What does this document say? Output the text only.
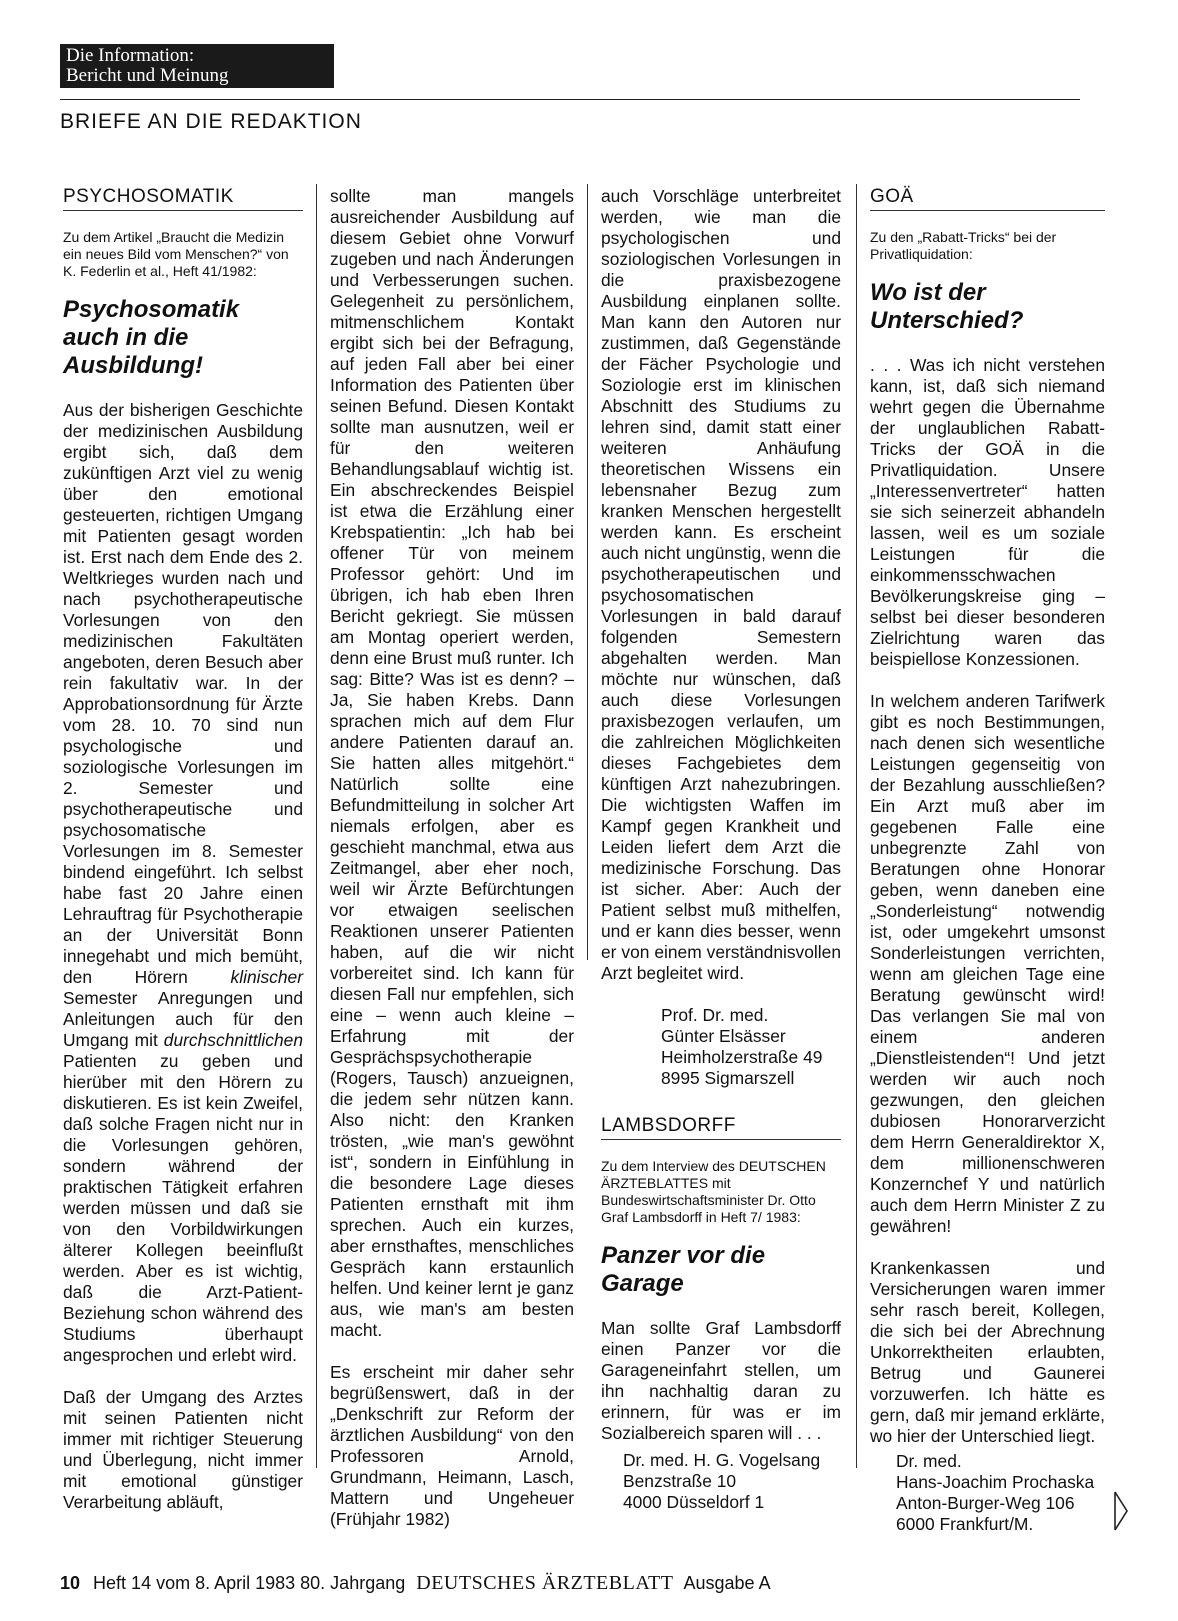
Die Information:
Bericht und Meinung
BRIEFE AN DIE REDAKTION
PSYCHOSOMATIK
Zu dem Artikel „Braucht die Medizin ein neues Bild vom Menschen?“ von K. Federlin et al., Heft 41/1982:
Psychosomatik auch in die Ausbildung!

Aus der bisherigen Geschichte der medizinischen Ausbildung ergibt sich, daß dem zukünftigen Arzt viel zu wenig über den emotional gesteuerten, richtigen Umgang mit Patienten gesagt worden ist. Erst nach dem Ende des 2. Weltkrieges wurden nach und nach psychotherapeutische Vorlesungen von den medizinischen Fakultäten angeboten, deren Besuch aber rein fakultativ war. In der Approbationsordnung für Ärzte vom 28. 10. 70 sind nun psychologische und soziologische Vorlesungen im 2. Semester und psychotherapeutische und psychosomatische Vorlesungen im 8. Semester bindend eingeführt. Ich selbst habe fast 20 Jahre einen Lehrauftrag für Psychotherapie an der Universität Bonn innegehabt und mich bemüht, den Hörern klinischer Semester Anregungen und Anleitungen auch für den Umgang mit durchschnittlichen Patienten zu geben und hierüber mit den Hörern zu diskutieren. Es ist kein Zweifel, daß solche Fragen nicht nur in die Vorlesungen gehören, sondern während der praktischen Tätigkeit erfahren werden müssen und daß sie von den Vorbildwirkungen älterer Kollegen beeinflußt werden. Aber es ist wichtig, daß die Arzt-Patient-Beziehung schon während des Studiums überhaupt angesprochen und erlebt wird.

Daß der Umgang des Arztes mit seinen Patienten nicht immer mit richtiger Steuerung und Überlegung, nicht immer mit emotional günstiger Verarbeitung abläuft,

sollte man mangels ausreichender Ausbildung auf diesem Gebiet ohne Vorwurf zugeben und nach Änderungen und Verbesserungen suchen. Gelegenheit zu persönlichem, mitmenschlichem Kontakt ergibt sich bei der Befragung, auf jeden Fall aber bei einer Information des Patienten über seinen Befund. Diesen Kontakt sollte man ausnutzen, weil er für den weiteren Behandlungsablauf wichtig ist. Ein abschreckendes Beispiel ist etwa die Erzählung einer Krebspatientin: „Ich hab bei offener Tür von meinem Professor gehört: Und im übrigen, ich hab eben Ihren Bericht gekriegt. Sie müssen am Montag operiert werden, denn eine Brust muß runter. Ich sag: Bitte? Was ist es denn? – Ja, Sie haben Krebs. Dann sprachen mich auf dem Flur andere Patienten darauf an. Sie hatten alles mitgehört.“ Natürlich sollte eine Befundmitteilung in solcher Art niemals erfolgen, aber es geschieht manchmal, etwa aus Zeitmangel, aber eher noch, weil wir Ärzte Befürchtungen vor etwaigen seelischen Reaktionen unserer Patienten haben, auf die wir nicht vorbereitet sind. Ich kann für diesen Fall nur empfehlen, sich eine – wenn auch kleine – Erfahrung mit der Gesprächspsychotherapie (Rogers, Tausch) anzueignen, die jedem sehr nützen kann. Also nicht: den Kranken trösten, „wie man's gewöhnt ist“, sondern in Einfühlung in die besondere Lage dieses Patienten ernsthaft mit ihm sprechen. Auch ein kurzes, aber ernsthaftes, menschliches Gespräch kann erstaunlich helfen. Und keiner lernt je ganz aus, wie man's am besten macht.

Es erscheint mir daher sehr begrüßenswert, daß in der „Denkschrift zur Reform der ärztlichen Ausbildung“ von den Professoren Arnold, Grundmann, Heimann, Lasch, Mattern und Ungeheuer (Frühjahr 1982)

auch Vorschläge unterbreitet werden, wie man die psychologischen und soziologischen Vorlesungen in die praxisbezogene Ausbildung einplanen sollte. Man kann den Autoren nur zustimmen, daß Gegenstände der Fächer Psychologie und Soziologie erst im klinischen Abschnitt des Studiums zu lehren sind, damit statt einer weiteren Anhäufung theoretischen Wissens ein lebensnaher Bezug zum kranken Menschen hergestellt werden kann. Es erscheint auch nicht ungünstig, wenn die psychotherapeutischen und psychosomatischen Vorlesungen in bald darauf folgenden Semestern abgehalten werden. Man möchte nur wünschen, daß auch diese Vorlesungen praxisbezogen verlaufen, um die zahlreichen Möglichkeiten dieses Fachgebietes dem künftigen Arzt nahezubringen. Die wichtigsten Waffen im Kampf gegen Krankheit und Leiden liefert dem Arzt die medizinische Forschung. Das ist sicher. Aber: Auch der Patient selbst muß mithelfen, und er kann dies besser, wenn er von einem verständnisvollen Arzt begleitet wird.

Prof. Dr. med.
Günter Elsässer
Heimholzerstraße 49
8995 Sigmarszell
LAMBSDORFF
Zu dem Interview des DEUTSCHEN ÄRZTEBLATTES mit Bundeswirtschaftsminister Dr. Otto Graf Lambsdorff in Heft 7/ 1983:
Panzer vor die Garage

Man sollte Graf Lambsdorff einen Panzer vor die Garageneinfahrt stellen, um ihn nachhaltig daran zu erinnern, für was er im Sozialbereich sparen will . . .

Dr. med. H. G. Vogelsang
Benzstraße 10
4000 Düsseldorf 1
GOÄ
Zu den „Rabatt-Tricks“ bei der Privatliquidation:
Wo ist der Unterschied?

. . . Was ich nicht verstehen kann, ist, daß sich niemand wehrt gegen die Übernahme der unglaublichen Rabatt-Tricks der GOÄ in die Privatliquidation. Unsere „Interessenvertreter“ hatten sie sich seinerzeit abhandeln lassen, weil es um soziale Leistungen für die einkommensschwachen Bevölkerungskreise ging – selbst bei dieser besonderen Zielrichtung waren das beispiellose Konzessionen.

In welchem anderen Tarifwerk gibt es noch Bestimmungen, nach denen sich wesentliche Leistungen gegenseitig von der Bezahlung ausschließen? Ein Arzt muß aber im gegebenen Falle eine unbegrenzte Zahl von Beratungen ohne Honorar geben, wenn daneben eine „Sonderleistung“ notwendig ist, oder umgekehrt umsonst Sonderleistungen verrichten, wenn am gleichen Tage eine Beratung gewünscht wird! Das verlangen Sie mal von einem anderen „Dienstleistenden“! Und jetzt werden wir auch noch gezwungen, den gleichen dubiosen Honorarverzicht dem Herrn Generaldirektor X, dem millionenschweren Konzernchef Y und natürlich auch dem Herrn Minister Z zu gewähren!

Krankenkassen und Versicherungen waren immer sehr rasch bereit, Kollegen, die sich bei der Abrechnung Unkorrektheiten erlaubten, Betrug und Gaunerei vorzuwerfen. Ich hätte es gern, daß mir jemand erklärte, wo hier der Unterschied liegt.

Dr. med.
Hans-Joachim Prochaska
Anton-Burger-Weg 106
6000 Frankfurt/M.
10 Heft 14 vom 8. April 1983 80. Jahrgang DEUTSCHES ÄRZTEBLATT Ausgabe A
